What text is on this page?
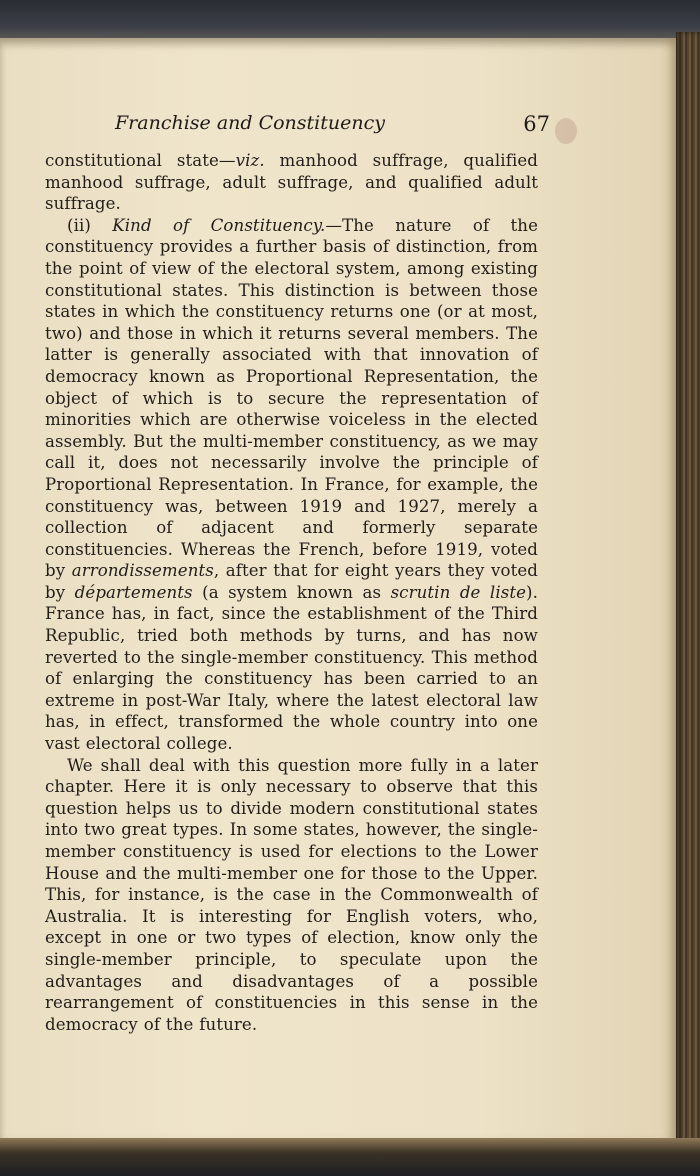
Franchise and Constituency	67

constitutional state—viz. manhood suffrage, qualified manhood suffrage, adult suffrage, and qualified adult suffrage.

(ii) Kind of Constituency.—The nature of the constituency provides a further basis of distinction, from the point of view of the electoral system, among existing constitutional states. This distinction is between those states in which the constituency returns one (or at most, two) and those in which it returns several members. The latter is generally associated with that innovation of democracy known as Proportional Representation, the object of which is to secure the representation of minorities which are otherwise voiceless in the elected assembly. But the multi-member constituency, as we may call it, does not necessarily involve the principle of Proportional Representation. In France, for example, the constituency was, between 1919 and 1927, merely a collection of adjacent and formerly separate constituencies. Whereas the French, before 1919, voted by arrondissements, after that for eight years they voted by départements (a system known as scrutin de liste). France has, in fact, since the establishment of the Third Republic, tried both methods by turns, and has now reverted to the single-member constituency. This method of enlarging the constituency has been carried to an extreme in post-War Italy, where the latest electoral law has, in effect, transformed the whole country into one vast electoral college.

We shall deal with this question more fully in a later chapter. Here it is only necessary to observe that this question helps us to divide modern constitutional states into two great types. In some states, however, the single-member constituency is used for elections to the Lower House and the multi-member one for those to the Upper. This, for instance, is the case in the Commonwealth of Australia. It is interesting for English voters, who, except in one or two types of election, know only the single-member principle, to speculate upon the advantages and disadvantages of a possible rearrangement of constituencies in this sense in the democracy of the future.
